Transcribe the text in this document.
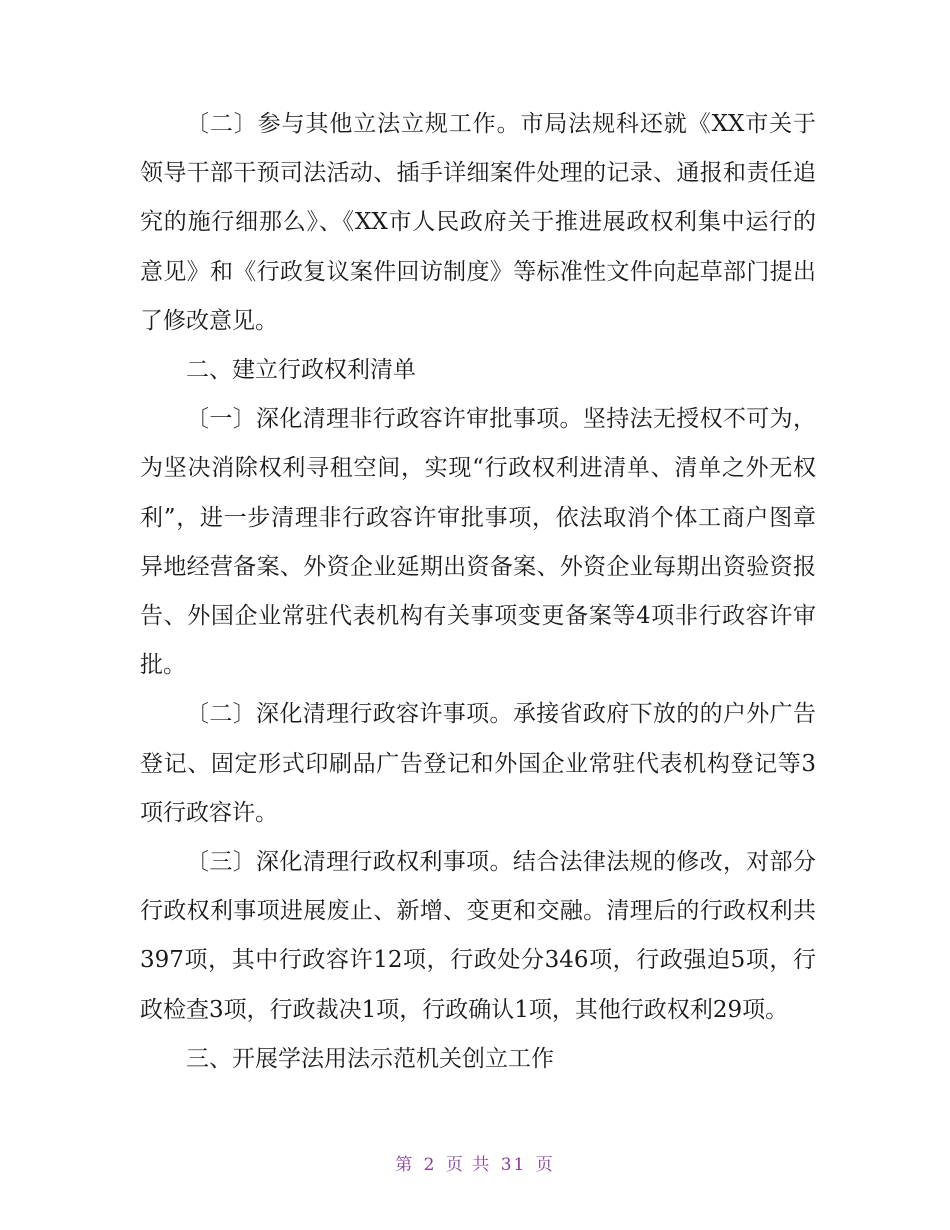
〔二〕参与其他立法立规工作。市局法规科还就《XX市关于领导干部干预司法活动、插手详细案件处理的记录、通报和责任追究的施行细那么》、《XX市人民政府关于推进展政权利集中运行的意见》和《行政复议案件回访制度》等标准性文件向起草部门提出了修改意见。

二、建立行政权利清单

〔一〕深化清理非行政容许审批事项。坚持法无授权不可为，为坚决消除权利寻租空间，实现“行政权利进清单、清单之外无权利”，进一步清理非行政容许审批事项，依法取消个体工商户图章异地经营备案、外资企业延期出资备案、外资企业每期出资验资报告、外国企业常驻代表机构有关事项变更备案等4项非行政容许审批。

〔二〕深化清理行政容许事项。承接省政府下放的的户外广告登记、固定形式印刷品广告登记和外国企业常驻代表机构登记等3项行政容许。

〔三〕深化清理行政权利事项。结合法律法规的修改，对部分行政权利事项进展废止、新增、变更和交融。清理后的行政权利共397项，其中行政容许12项，行政处分346项，行政强迫5项，行政检查3项，行政裁决1项，行政确认1项，其他行政权利29项。

三、开展学法用法示范机关创立工作

第 2 页 共 31 页
